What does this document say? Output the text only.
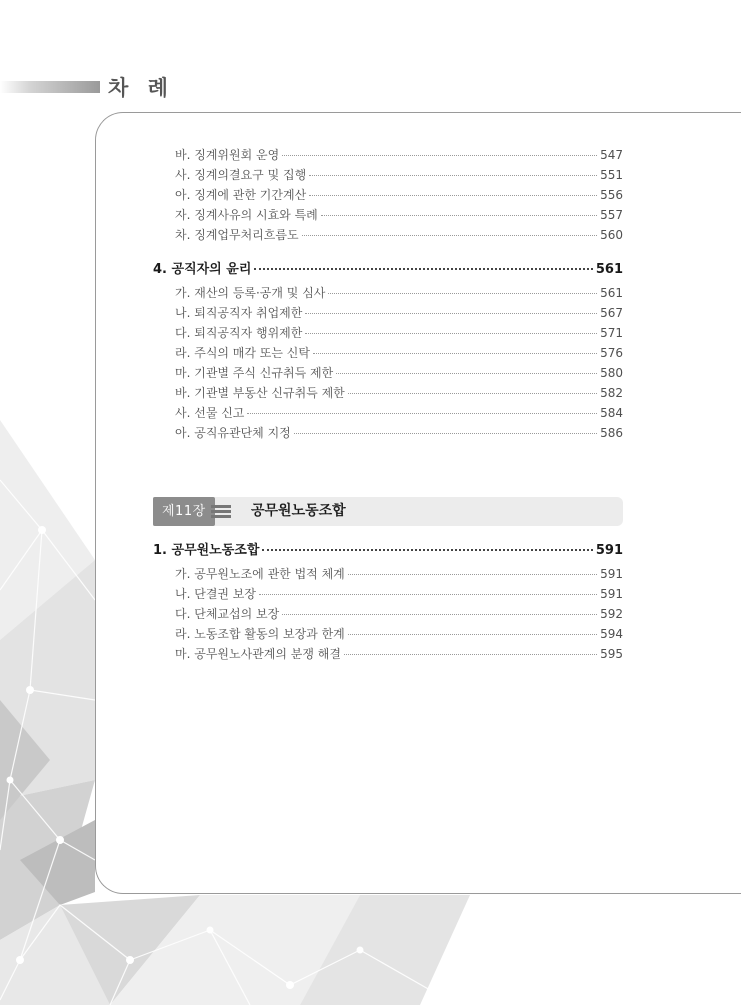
차 례
바. 징계위원회 운영	547
사. 징계의결요구 및 집행	551
아. 징계에 관한 기간계산	556
자. 징계사유의 시효와 특례	557
차. 징계업무처리흐름도	560
4. 공직자의 윤리	561
가. 재산의 등록·공개 및 심사	561
나. 퇴직공직자 취업제한	567
다. 퇴직공직자 행위제한	571
라. 주식의 매각 또는 신탁	576
마. 기관별 주식 신규취득 제한	580
바. 기관별 부동산 신규취득 제한	582
사. 선물 신고	584
아. 공직유관단체 지정	586
제11장	공무원노동조합
1. 공무원노동조합	591
가. 공무원노조에 관한 법적 체계	591
나. 단결권 보장	591
다. 단체교섭의 보장	592
라. 노동조합 활동의 보장과 한계	594
마. 공무원노사관계의 분쟁 해결	595
